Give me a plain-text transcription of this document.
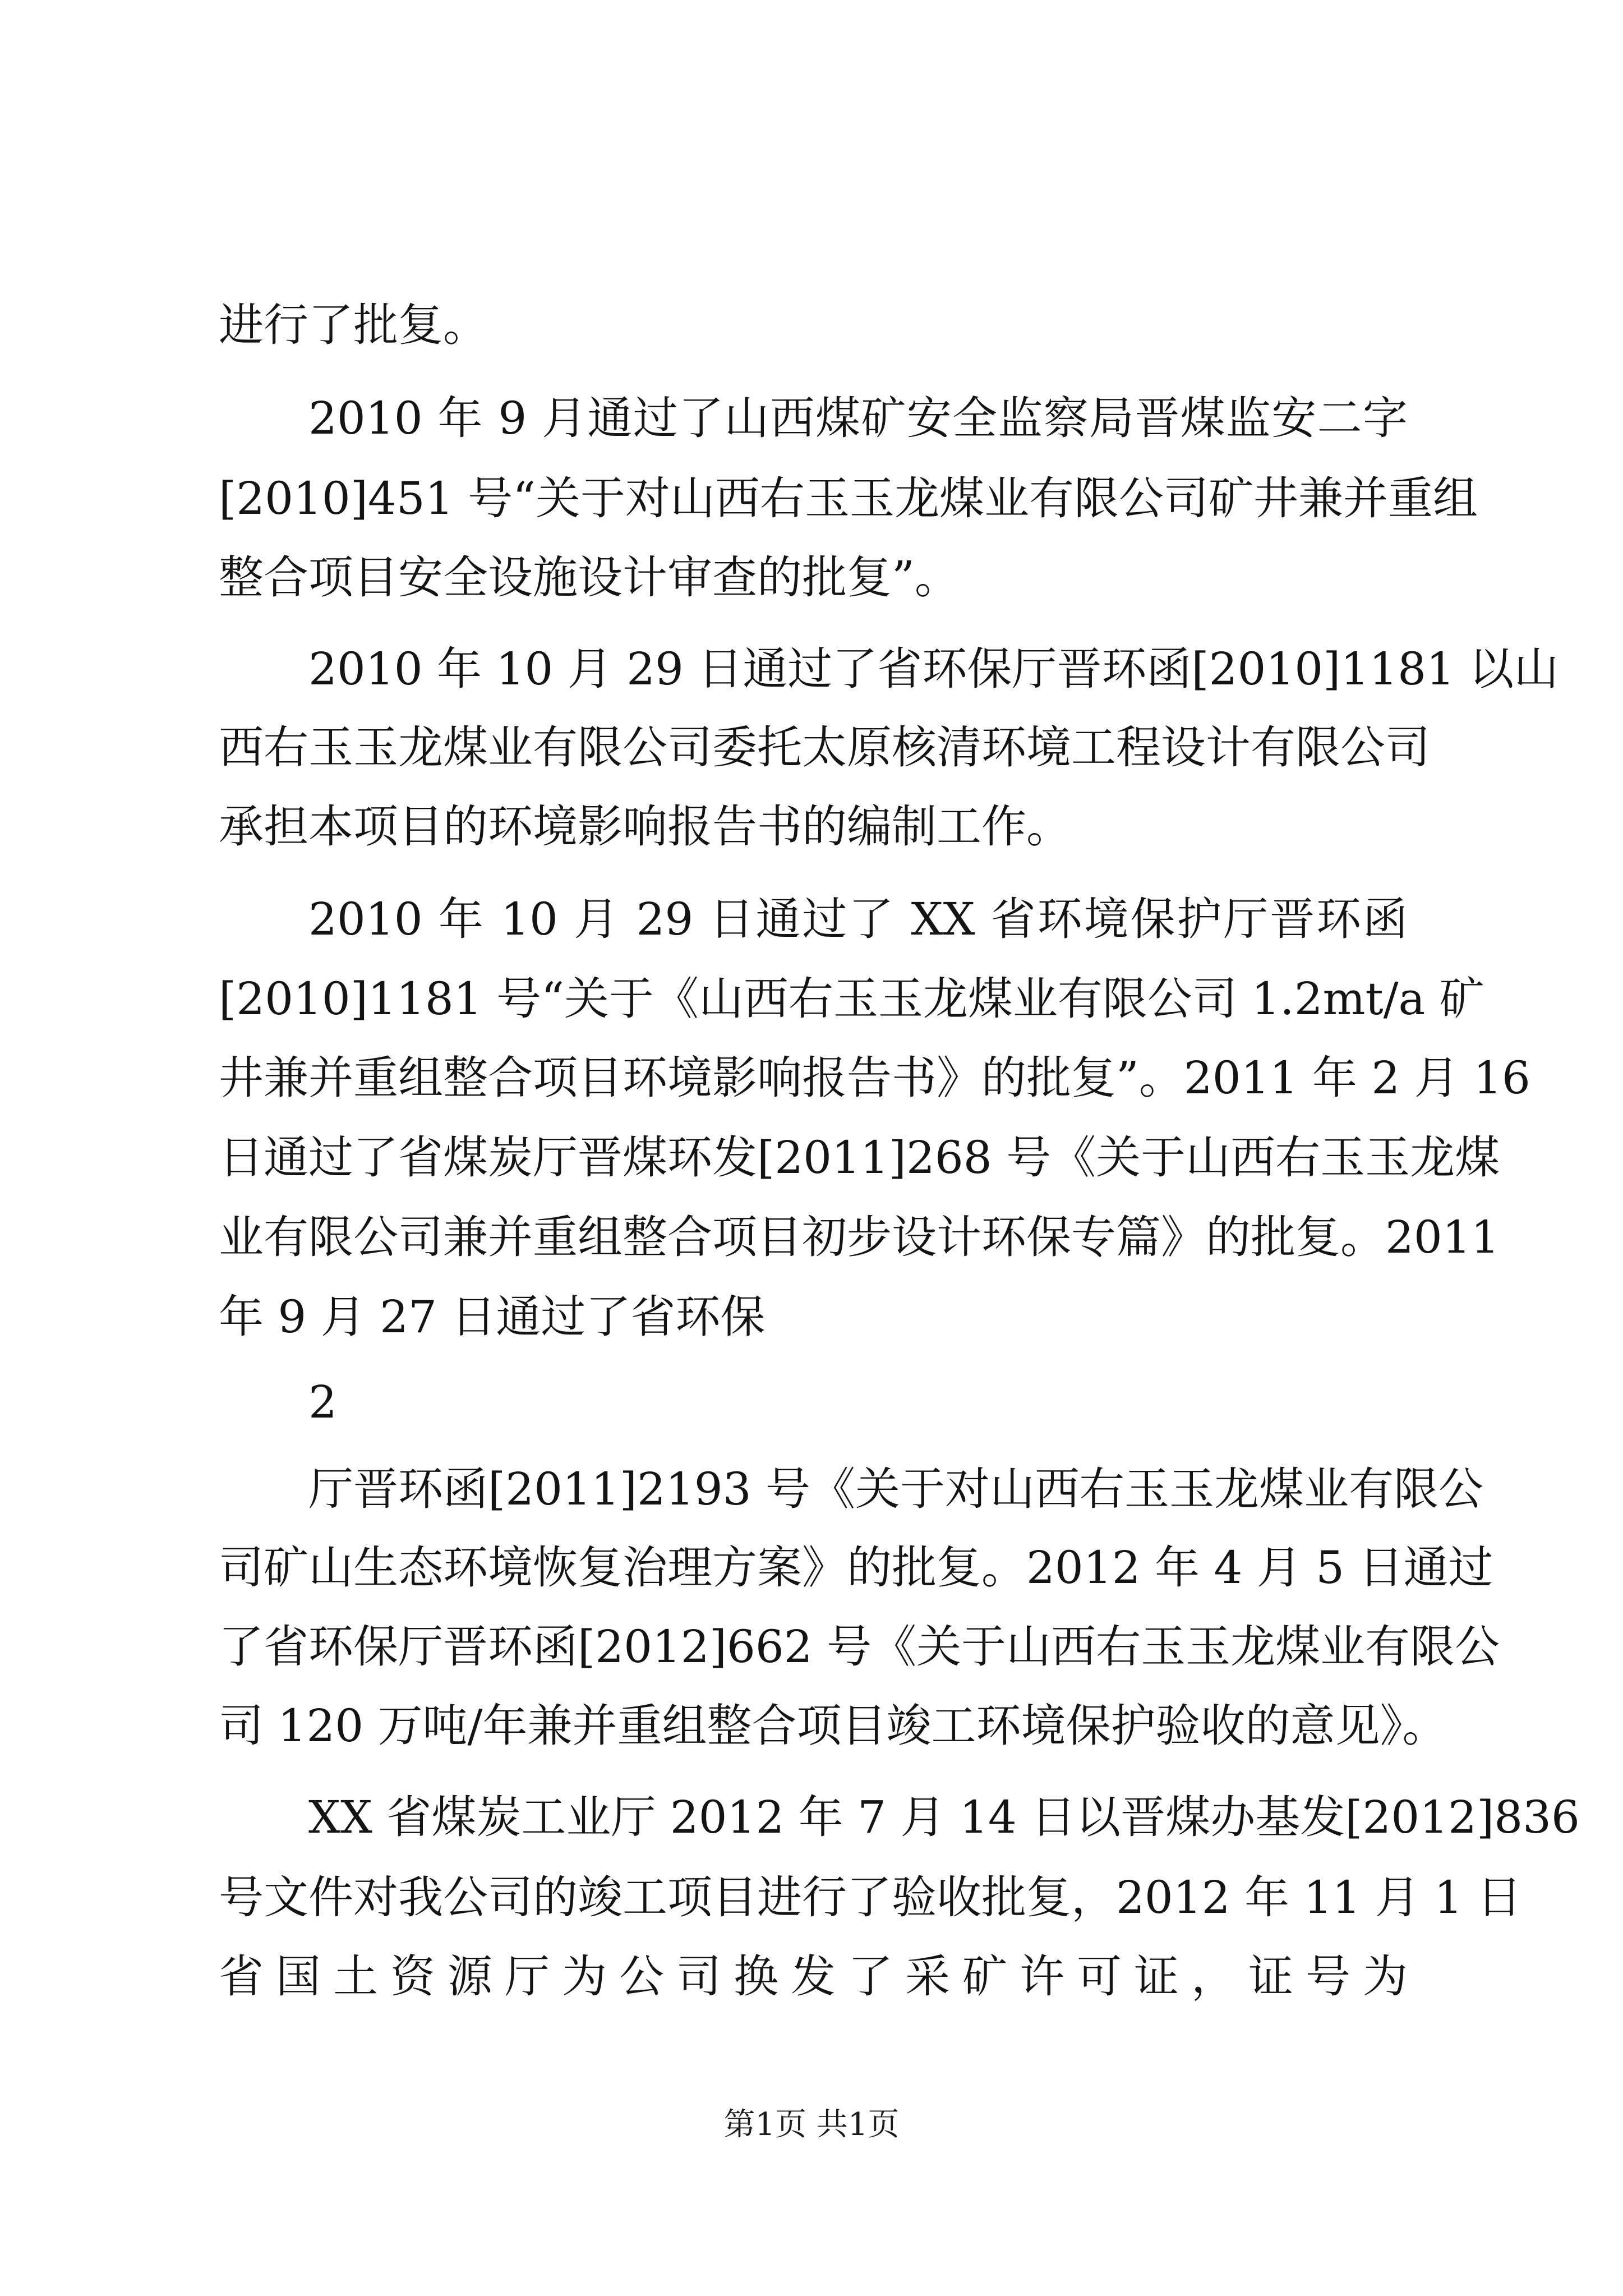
进行了批复。
2010 年 9 月通过了山西煤矿安全监察局晋煤监安二字
[2010]451 号“关于对山西右玉玉龙煤业有限公司矿井兼并重组
整合项目安全设施设计审查的批复”。
2010 年 10 月 29 日通过了省环保厅晋环函[2010]1181 以山
西右玉玉龙煤业有限公司委托太原核清环境工程设计有限公司
承担本项目的环境影响报告书的编制工作。
2010 年 10 月 29 日通过了 XX 省环境保护厅晋环函
[2010]1181 号“关于《山西右玉玉龙煤业有限公司 1.2mt/a 矿
井兼并重组整合项目环境影响报告书》的批复”。2011 年 2 月 16
日通过了省煤炭厅晋煤环发[2011]268 号《关于山西右玉玉龙煤
业有限公司兼并重组整合项目初步设计环保专篇》的批复。2011
年 9 月 27 日通过了省环保
2
厅晋环函[2011]2193 号《关于对山西右玉玉龙煤业有限公
司矿山生态环境恢复治理方案》的批复。2012 年 4 月 5 日通过
了省环保厅晋环函[2012]662 号《关于山西右玉玉龙煤业有限公
司 120 万吨/年兼并重组整合项目竣工环境保护验收的意见》。
XX 省煤炭工业厅 2012 年 7 月 14 日以晋煤办基发[2012]836
号文件对我公司的竣工项目进行了验收批复，2012 年 11 月 1 日
省国土资源厅为公司换发了采矿许可证，证号为
第1页 共1页
